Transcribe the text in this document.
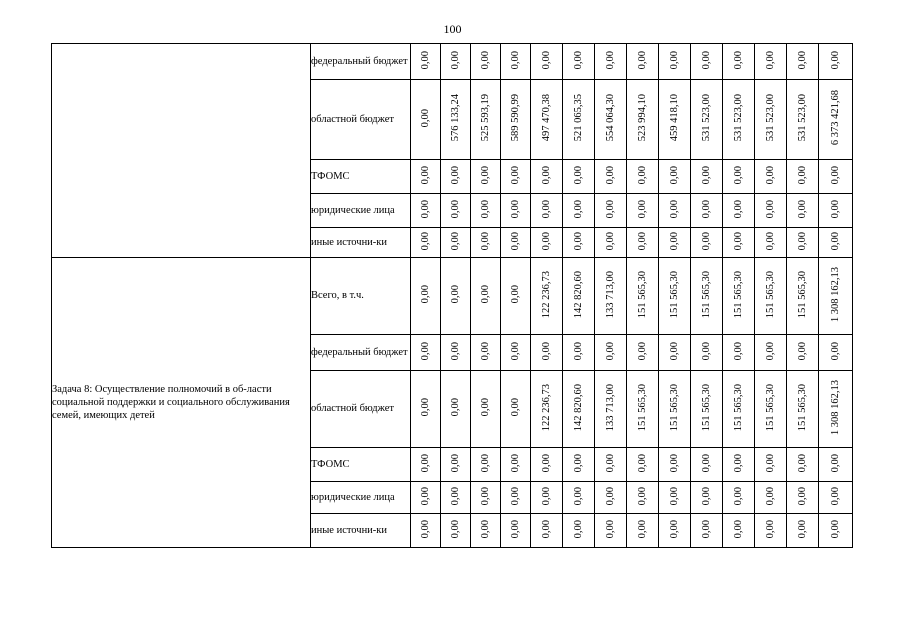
100
	федеральный бюджет	0,00	0,00	0,00	0,00	0,00	0,00	0,00	0,00	0,00	0,00	0,00	0,00	0,00	0,00
	областной бюджет	0,00	576 133,24	525 593,19	589 590,99	497 470,38	521 065,35	554 064,30	523 994,10	459 418,10	531 523,00	531 523,00	531 523,00	531 523,00	6 373 421,68
	ТФОМС	0,00	0,00	0,00	0,00	0,00	0,00	0,00	0,00	0,00	0,00	0,00	0,00	0,00	0,00
	юридические лица	0,00	0,00	0,00	0,00	0,00	0,00	0,00	0,00	0,00	0,00	0,00	0,00	0,00	0,00
	иные источни-ки	0,00	0,00	0,00	0,00	0,00	0,00	0,00	0,00	0,00	0,00	0,00	0,00	0,00	0,00
Задача 8: Осуществление полномочий в об-ласти социальной поддержки и социального обслуживания семей, имеющих детей	Всего, в т.ч.	0,00	0,00	0,00	0,00	122 236,73	142 820,60	133 713,00	151 565,30	151 565,30	151 565,30	151 565,30	151 565,30	151 565,30	1 308 162,13
	федеральный бюджет	0,00	0,00	0,00	0,00	0,00	0,00	0,00	0,00	0,00	0,00	0,00	0,00	0,00	0,00
	областной бюджет	0,00	0,00	0,00	0,00	122 236,73	142 820,60	133 713,00	151 565,30	151 565,30	151 565,30	151 565,30	151 565,30	151 565,30	1 308 162,13
	ТФОМС	0,00	0,00	0,00	0,00	0,00	0,00	0,00	0,00	0,00	0,00	0,00	0,00	0,00	0,00
	юридические лица	0,00	0,00	0,00	0,00	0,00	0,00	0,00	0,00	0,00	0,00	0,00	0,00	0,00	0,00
	иные источни-ки	0,00	0,00	0,00	0,00	0,00	0,00	0,00	0,00	0,00	0,00	0,00	0,00	0,00	0,00
